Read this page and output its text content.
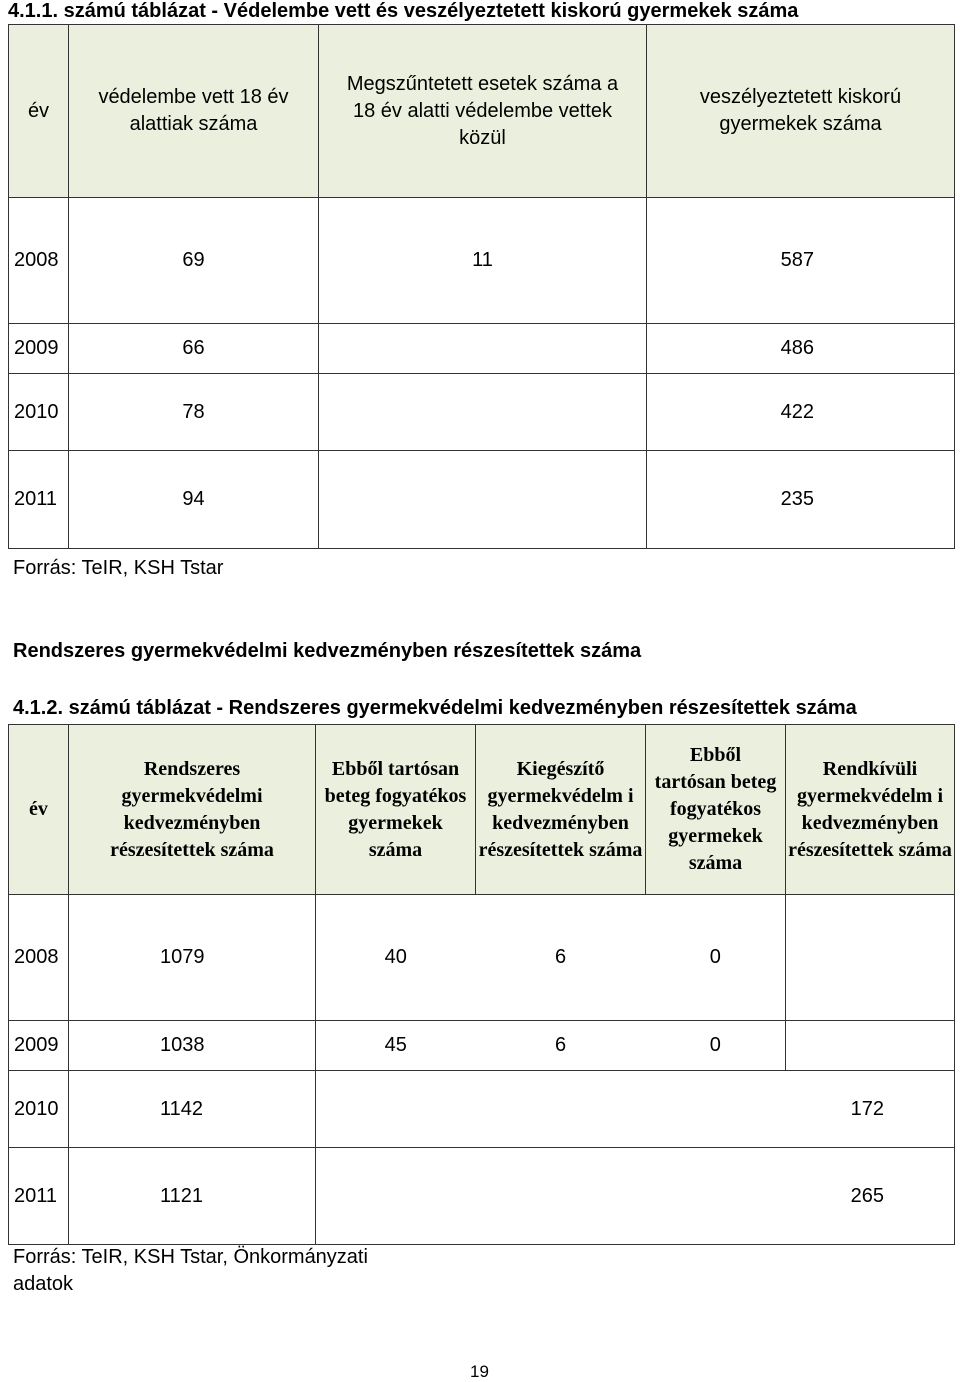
4.1.1. számú táblázat - Védelembe vett és veszélyeztetett kiskorú gyermekek száma
év	védelembe vett 18 év alattiak száma	Megszűntetett esetek száma a 18 év alatti védelembe vettek közül	veszélyeztetett kiskorú gyermekek száma
2008	69	11	587
2009	66		486
2010	78		422
2011	94		235
Forrás: TeIR, KSH Tstar
Rendszeres gyermekvédelmi kedvezményben részesítettek száma
4.1.2. számú táblázat - Rendszeres gyermekvédelmi kedvezményben részesítettek száma
év	Rendszeres gyermekvédelmi kedvezményben részesítettek száma	Ebből tartósan beteg fogyatékos gyermekek száma	Kiegészítő gyermekvédelm i kedvezményben részesítettek száma	Ebből tartósan beteg fogyatékos gyermekek száma	Rendkívüli gyermekvédelm i kedvezményben részesítettek száma
2008	1079	40	6	0	
2009	1038	45	6	0	
2010	1142				172
2011	1121				265
Forrás: TeIR, KSH Tstar, Önkormányzati
adatok
19
